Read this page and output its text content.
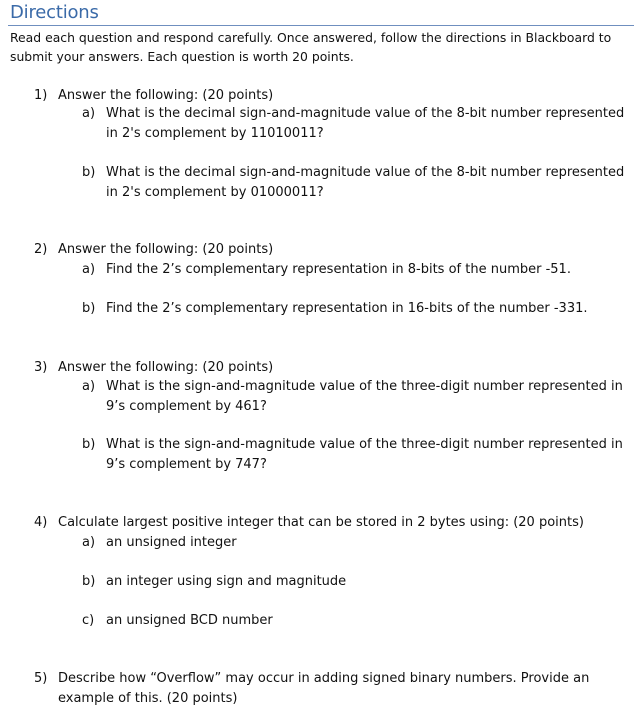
Directions
Read each question and respond carefully. Once answered, follow the directions in Blackboard to submit your answers. Each question is worth 20 points.
1) Answer the following: (20 points)
a) What is the decimal sign-and-magnitude value of the 8-bit number represented in 2's complement by 11010011?
b) What is the decimal sign-and-magnitude value of the 8-bit number represented in 2's complement by 01000011?
2) Answer the following: (20 points)
a) Find the 2’s complementary representation in 8-bits of the number -51.
b) Find the 2’s complementary representation in 16-bits of the number -331.
3) Answer the following: (20 points)
a) What is the sign-and-magnitude value of the three-digit number represented in 9’s complement by 461?
b) What is the sign-and-magnitude value of the three-digit number represented in 9’s complement by 747?
4) Calculate largest positive integer that can be stored in 2 bytes using: (20 points)
a) an unsigned integer
b) an integer using sign and magnitude
c) an unsigned BCD number
5) Describe how “Overflow” may occur in adding signed binary numbers. Provide an example of this. (20 points)
